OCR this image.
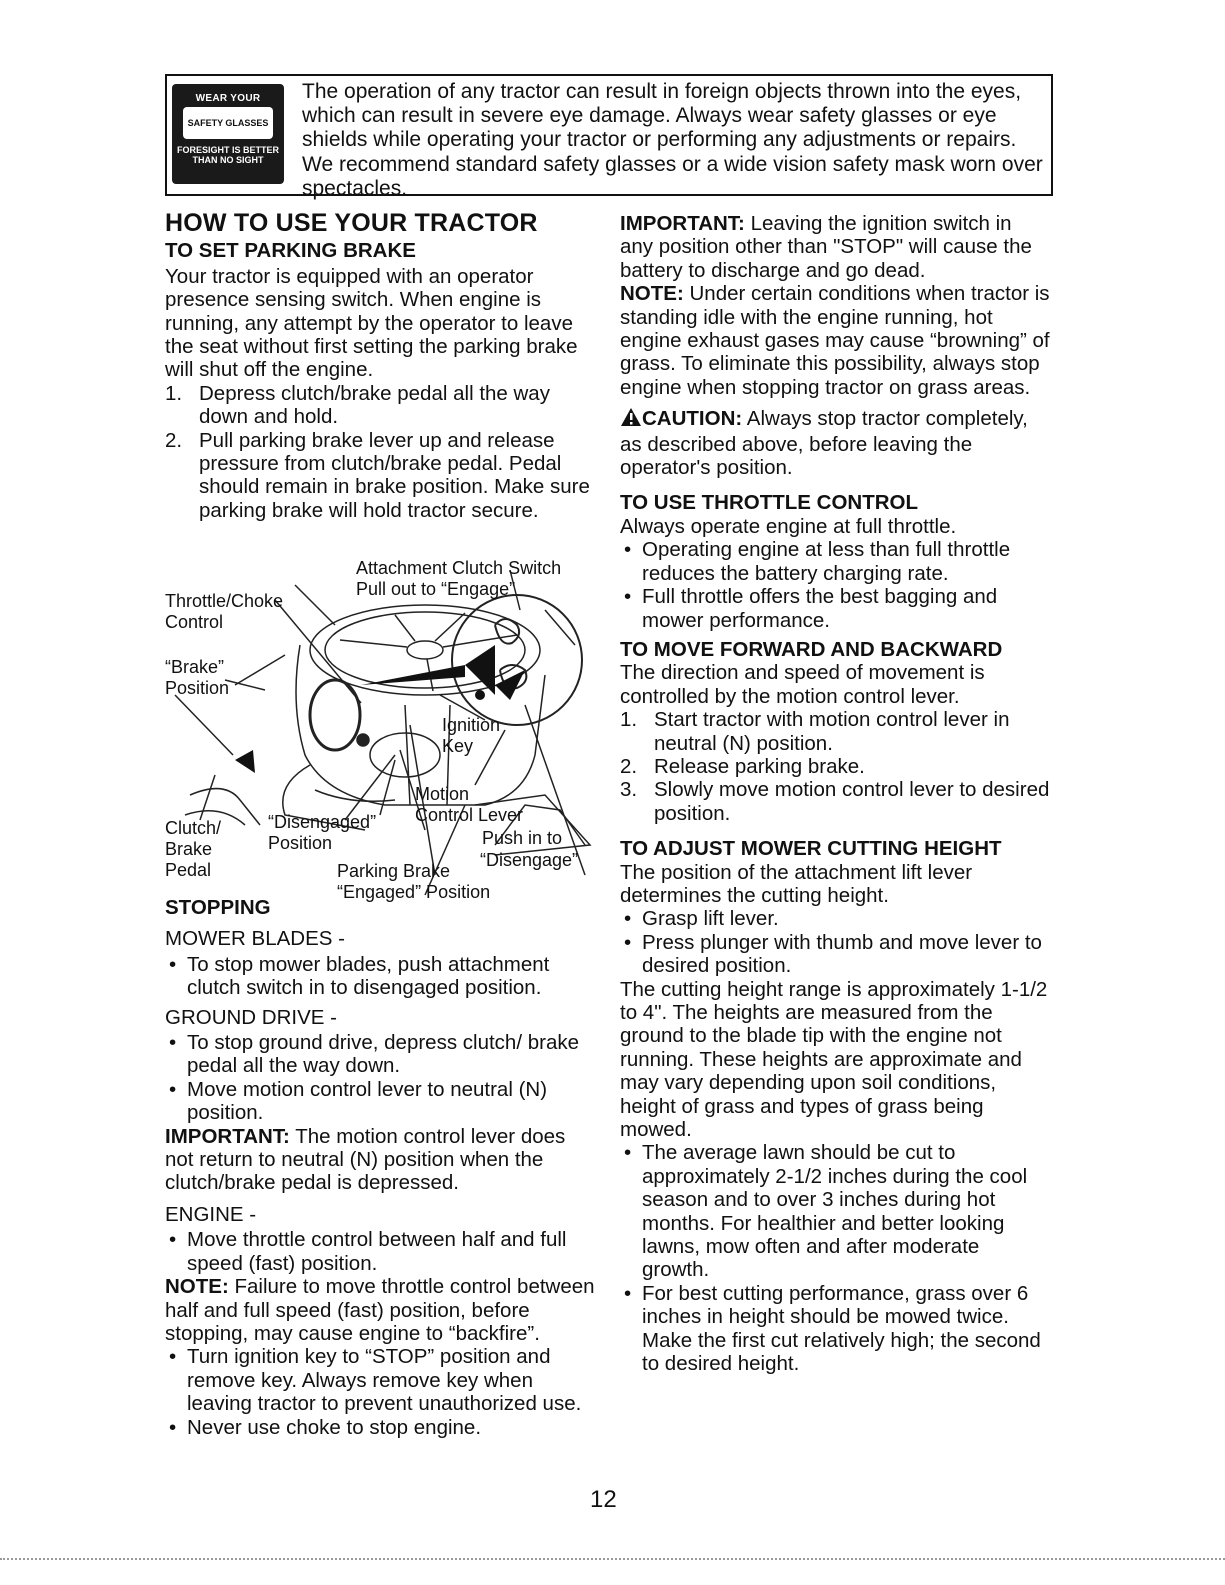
WEAR YOUR
SAFETY GLASSES
FORESIGHT IS BETTER
THAN NO SIGHT
The operation of any tractor can result in foreign objects thrown into the eyes, which can result in severe eye damage. Always wear safety glasses or eye shields while operating your tractor or performing any adjustments or repairs. We recommend standard safety glasses or a wide vision safety mask worn over spectacles.
HOW TO USE YOUR TRACTOR
TO SET PARKING BRAKE

Your tractor is equipped with an operator presence sensing switch. When engine is running, any attempt by the operator to leave the seat without first setting the parking brake will shut off the engine.

1. Depress clutch/brake pedal all the way down and hold.

2. Pull parking brake lever up and release pressure from clutch/brake pedal. Pedal should remain in brake position. Make sure parking brake will hold tractor secure.

Attachment Clutch Switch
Pull out to “Engage”
Throttle/Choke
Control
“Brake”
Position
Ignition
Key
Motion
Control Lever
Push in to
“Disengage”
Clutch/
Brake
Pedal
“Disengaged”
Position
Parking Brake
“Engaged” Position
STOPPING

MOWER BLADES -

• To stop mower blades, push attachment clutch switch in to disengaged position.

GROUND DRIVE -

• To stop ground drive, depress clutch/ brake pedal all the way down.

• Move motion control lever to neutral (N) position.

IMPORTANT: The motion control lever does not return to neutral (N) position when the clutch/brake pedal is depressed.

ENGINE -

• Move throttle control between half and full speed (fast) position.

NOTE: Failure to move throttle control between half and full speed (fast) position, before stopping, may cause engine to “backfire”.

• Turn ignition key to “STOP” position and remove key. Always remove key when leaving tractor to prevent unauthorized use.

• Never use choke to stop engine.

IMPORTANT: Leaving the ignition switch in any position other than "STOP" will cause the battery to discharge and go dead.

NOTE: Under certain conditions when tractor is standing idle with the engine running, hot engine exhaust gases may cause “browning” of grass. To eliminate this possibility, always stop engine when stopping tractor on grass areas.

CAUTION: Always stop tractor completely, as described above, before leaving the operator's position.

TO USE THROTTLE CONTROL

Always operate engine at full throttle.

• Operating engine at less than full throttle reduces the battery charging rate.

• Full throttle offers the best bagging and mower performance.

TO MOVE FORWARD AND BACKWARD

The direction and speed of movement is controlled by the motion control lever.

1. Start tractor with motion control lever in neutral (N) position.

2. Release parking brake.

3. Slowly move motion control lever to desired position.

TO ADJUST MOWER CUTTING HEIGHT

The position of the attachment lift lever determines the cutting height.

• Grasp lift lever.

• Press plunger with thumb and move lever to desired position.

The cutting height range is approximately 1-1/2 to 4". The heights are measured from the ground to the blade tip with the engine not running. These heights are approximate and may vary depending upon soil conditions, height of grass and types of grass being mowed.

• The average lawn should be cut to approximately 2-1/2 inches during the cool season and to over 3 inches during hot months. For healthier and better looking lawns, mow often and after moderate growth.

• For best cutting performance, grass over 6 inches in height should be mowed twice. Make the first cut relatively high; the second to desired height.

12
